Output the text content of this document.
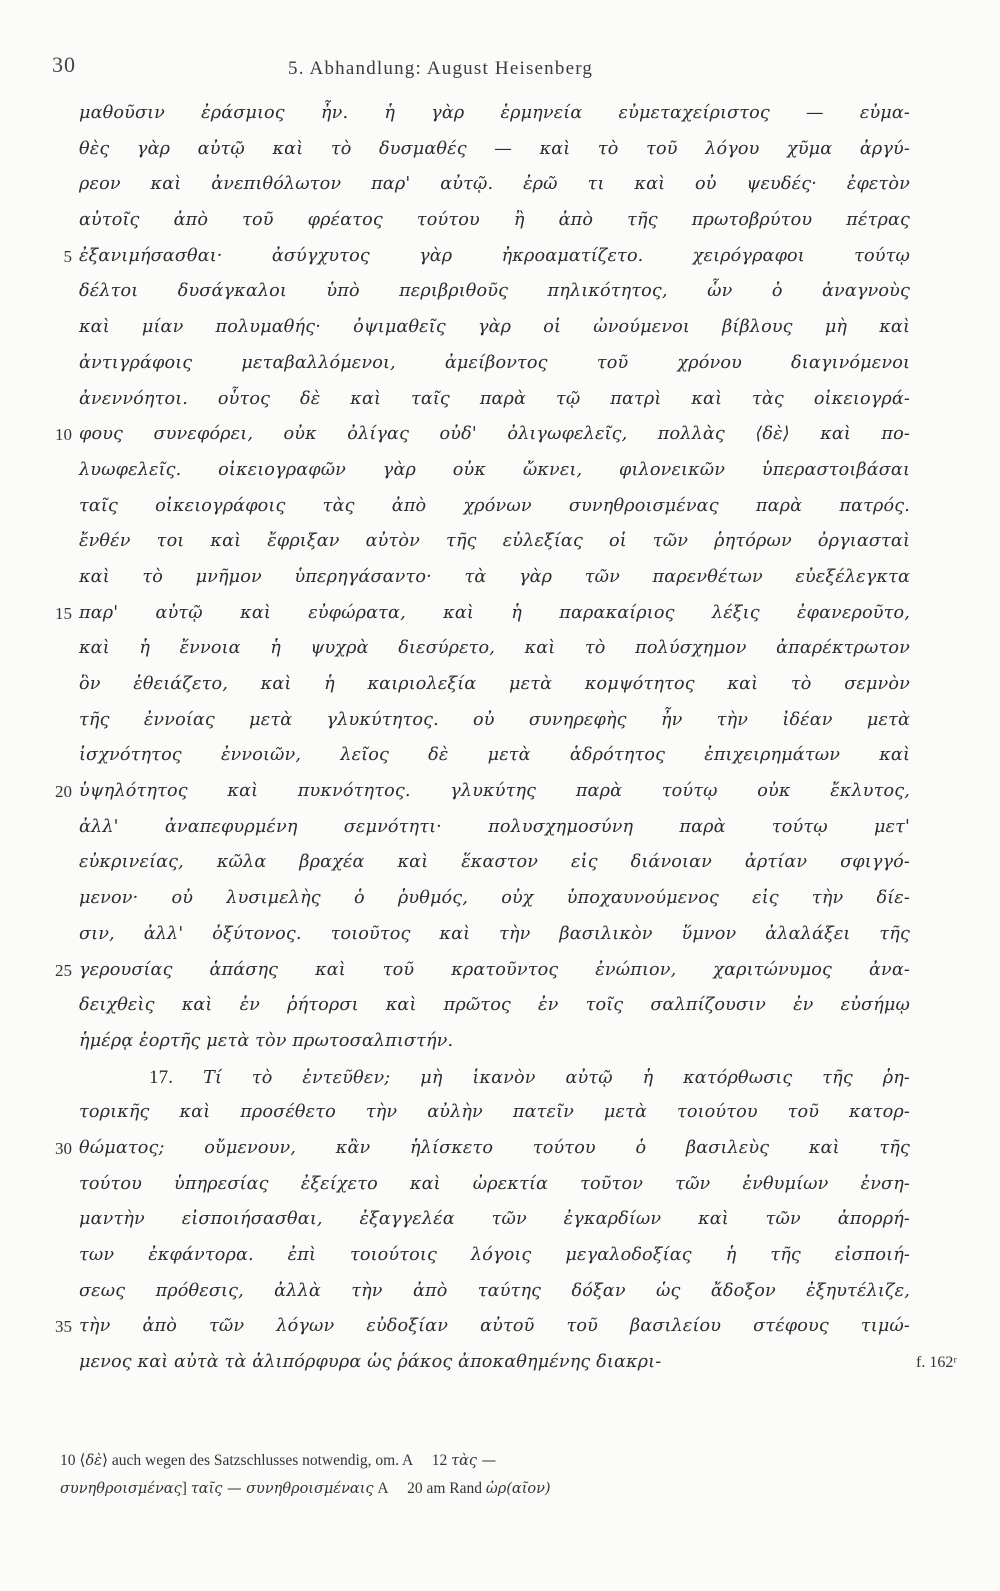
30	5. Abhandlung: August Heisenberg
μαθοῦσιν ἐράσμιος ἦν. ἡ γὰρ ἑρμηνεία εὐμεταχείριστος — εὐμα-
θὲς γὰρ αὐτῷ καὶ τὸ δυσμαθές — καὶ τὸ τοῦ λόγου χῦμα ἀργύ-
ρεον καὶ ἀνεπιθόλωτον παρ' αὐτῷ. ἐρῶ τι καὶ οὐ ψευδές· ἐφετὸν
αὐτοῖς ἀπὸ τοῦ φρέατος τούτου ἢ ἀπὸ τῆς πρωτοβρύτου πέτρας
5 ἐξανιμήσασθαι· ἀσύγχυτος γὰρ ἠκροαματίζετο. χειρόγραφοι τούτῳ
δέλτοι δυσάγκαλοι ὑπὸ περιβριθοῦς πηλικότητος, ὧν ὁ ἀναγνοὺς
καὶ μίαν πολυμαθής· ὀψιμαθεῖς γὰρ οἱ ὠνούμενοι βίβλους μὴ καὶ
ἀντιγράφοις μεταβαλλόμενοι, ἀμείβοντος τοῦ χρόνου διαγινόμενοι
ἀνεννόητοι. οὗτος δὲ καὶ ταῖς παρὰ τῷ πατρὶ καὶ τὰς οἰκειογρά-
10 φους συνεφόρει, οὐκ ὀλίγας οὐδ' ὀλιγωφελεῖς, πολλὰς ⟨δὲ⟩ καὶ πο-
λυωφελεῖς. οἰκειογραφῶν γὰρ οὐκ ὤκνει, φιλονεικῶν ὑπεραστοιβάσαι
ταῖς οἰκειογράφοις τὰς ἀπὸ χρόνων συνηθροισμένας παρὰ πατρός.
ἔνθέν τοι καὶ ἔφριξαν αὐτὸν τῆς εὐλεξίας οἱ τῶν ῥητόρων ὀργιασταὶ
καὶ τὸ μνῆμον ὑπερηγάσαντο· τὰ γὰρ τῶν παρενθέτων εὐεξέλεγκτα
15 παρ' αὐτῷ καὶ εὐφώρατα, καὶ ἡ παρακαίριος λέξις ἐφανεροῦτο,
καὶ ἡ ἔννοια ἡ ψυχρὰ διεσύρετο, καὶ τὸ πολύσχημον ἀπαρέκτρωτον
ὃν ἐθειάζετο, καὶ ἡ καιριολεξία μετὰ κομψότητος καὶ τὸ σεμνὸν
τῆς ἐννοίας μετὰ γλυκύτητος. οὐ συνηρεφὴς ἦν τὴν ἰδέαν μετὰ
ἰσχνότητος ἐννοιῶν, λεῖος δὲ μετὰ ἁδρότητος ἐπιχειρημάτων καὶ
20 ὑψηλότητος καὶ πυκνότητος. γλυκύτης παρὰ τούτῳ οὐκ ἔκλυτος,
ἀλλ' ἀναπεφυρμένη σεμνότητι· πολυσχημοσύνη παρὰ τούτῳ μετ'
εὐκρινείας, κῶλα βραχέα καὶ ἕκαστον εἰς διάνοιαν ἀρτίαν σφιγγό-
μενον· οὐ λυσιμελὴς ὁ ῥυθμός, οὐχ ὑποχαυνούμενος εἰς τὴν δίε-
σιν, ἀλλ' ὀξύτονος. τοιοῦτος καὶ τὴν βασιλικὸν ὕμνον ἀλαλάξει τῆς
25 γερουσίας ἁπάσης καὶ τοῦ κρατοῦντος ἐνώπιον, χαριτώνυμος ἀνα-
δειχθεὶς καὶ ἐν ῥήτορσι καὶ πρῶτος ἐν τοῖς σαλπίζουσιν ἐν εὐσήμῳ
ἡμέρᾳ ἑορτῆς μετὰ τὸν πρωτοσαλπιστήν.
17. Τί τὸ ἐντεῦθεν; μὴ ἱκανὸν αὐτῷ ἡ κατόρθωσις τῆς ῥη-
τορικῆς καὶ προσέθετο τὴν αὐλὴν πατεῖν μετὰ τοιούτου τοῦ κατορ-
30 θώματος; οὔμενουν, κἂν ἡλίσκετο τούτου ὁ βασιλεὺς καὶ τῆς
τούτου ὑπηρεσίας ἐξείχετο καὶ ὠρεκτία τοῦτον τῶν ἐνθυμίων ἐνση-
μαντὴν εἰσποιήσασθαι, ἐξαγγελέα τῶν ἐγκαρδίων καὶ τῶν ἀπορρή-
των ἐκφάντορα. ἐπὶ τοιούτοις λόγοις μεγαλοδοξίας ἡ τῆς εἰσποιή-
σεως πρόθεσις, ἀλλὰ τὴν ἀπὸ ταύτης δόξαν ὡς ἄδοξον ἐξηυτέλιζε,
35 τὴν ἀπὸ τῶν λόγων εὐδοξίαν αὐτοῦ τοῦ βασιλείου στέφους τιμώ-
μενος καὶ αὐτὰ τὰ ἁλιπόρφυρα ὡς ῥάκος ἀποκαθημένης διακρι-	f. 162ʳ
10 ⟨δὲ⟩ auch wegen des Satzschlusses notwendig, om. A     12 τὰς —
συνηθροισμένας] ταῖς — συνηθροισμέναις A     20 am Rand ὡρ(αῖον)
